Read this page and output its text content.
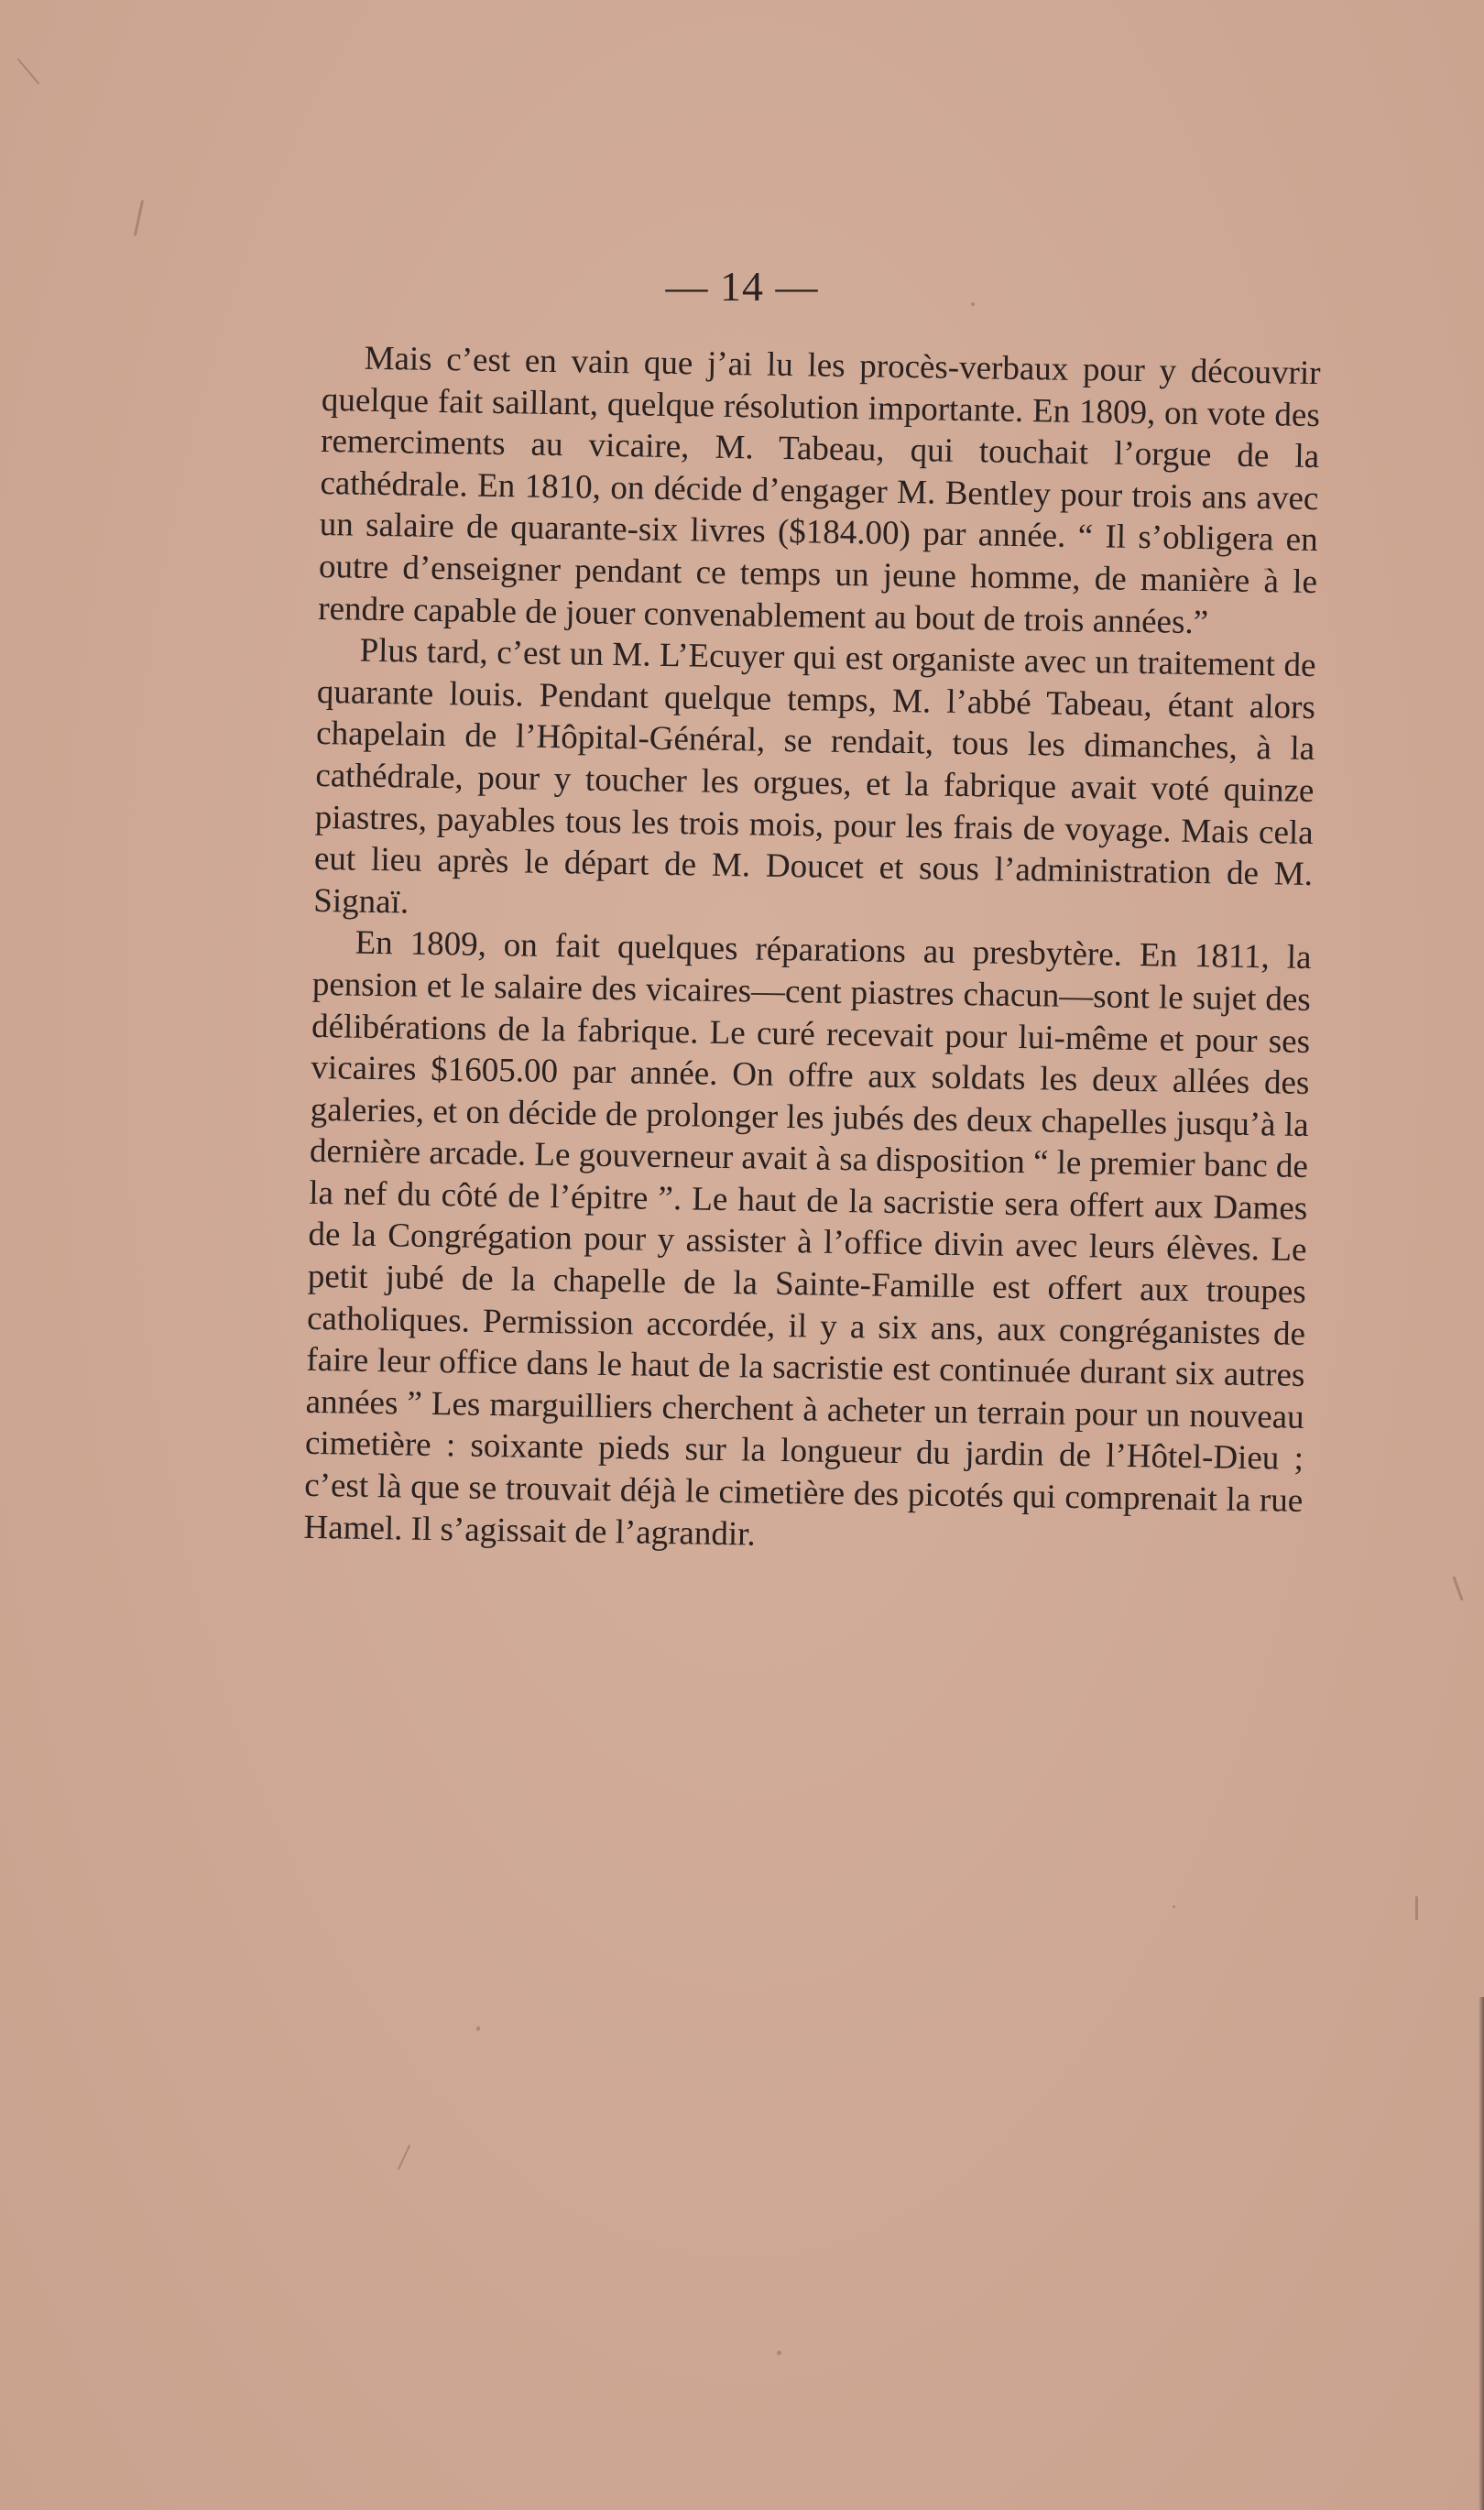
— 14 —

Mais c’est en vain que j’ai lu les procès-verbaux pour y découvrir quelque fait saillant, quelque résolution importante. En 1809, on vote des remerciments au vicaire, M. Tabeau, qui touchait l’orgue de la cathédrale. En 1810, on décide d’engager M. Bentley pour trois ans avec un salaire de quarante-six livres ($184.00) par année. “ Il s’obligera en outre d’enseigner pendant ce temps un jeune homme, de manière à le rendre capable de jouer convenablement au bout de trois années.”

Plus tard, c’est un M. L’Ecuyer qui est organiste avec un traitement de quarante louis. Pendant quelque temps, M. l’abbé Tabeau, étant alors chapelain de l’Hôpital-Général, se rendait, tous les dimanches, à la cathédrale, pour y toucher les orgues, et la fabrique avait voté quinze piastres, payables tous les trois mois, pour les frais de voyage. Mais cela eut lieu après le départ de M. Doucet et sous l’administration de M. Signaï.

En 1809, on fait quelques réparations au presbytère. En 1811, la pension et le salaire des vicaires—cent piastres chacun—sont le sujet des délibérations de la fabrique. Le curé recevait pour lui-même et pour ses vicaires $1605.00 par année. On offre aux soldats les deux allées des galeries, et on décide de prolonger les jubés des deux chapelles jusqu’à la dernière arcade. Le gouverneur avait à sa disposition “ le premier banc de la nef du côté de l’épitre ”. Le haut de la sacristie sera offert aux Dames de la Congrégation pour y assister à l’office divin avec leurs élèves. Le petit jubé de la chapelle de la Sainte-Famille est offert aux troupes catholiques. Permission accordée, il y a six ans, aux congréganistes de faire leur office dans le haut de la sacristie est continuée durant six autres années ” Les marguilliers cherchent à acheter un terrain pour un nouveau cimetière : soixante pieds sur la longueur du jardin de l’Hôtel-Dieu ; c’est là que se trouvait déjà le cimetière des picotés qui comprenait la rue Hamel. Il s’agissait de l’agrandir.
